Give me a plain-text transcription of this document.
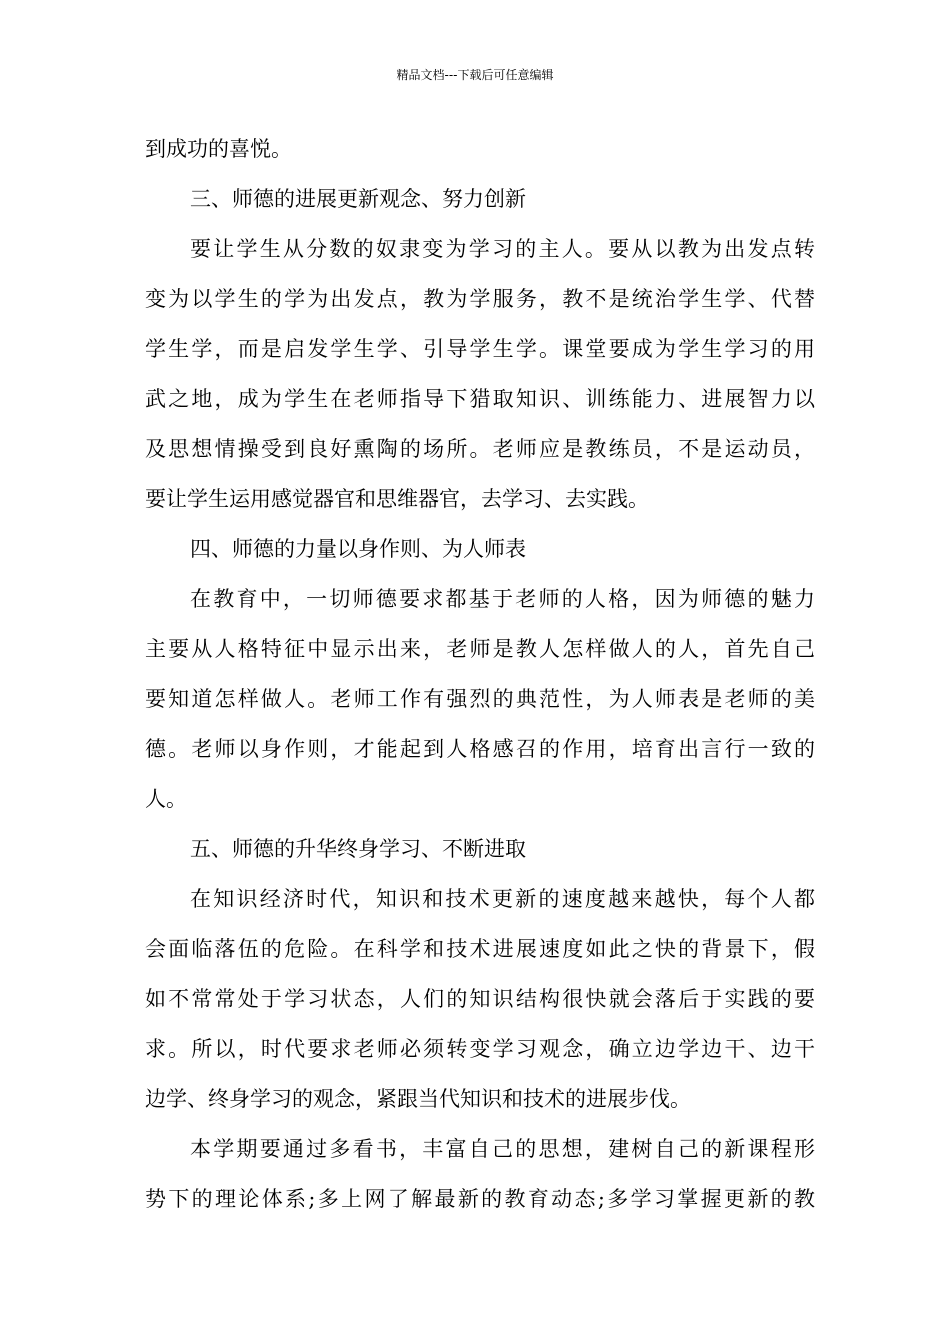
精品文档---下载后可任意编辑
到成功的喜悦。
三、师德的进展更新观念、努力创新
要让学生从分数的奴隶变为学习的主人。要从以教为出发点转
变为以学生的学为出发点，教为学服务，教不是统治学生学、代替
学生学，而是启发学生学、引导学生学。课堂要成为学生学习的用
武之地，成为学生在老师指导下猎取知识、训练能力、进展智力以
及思想情操受到良好熏陶的场所。老师应是教练员，不是运动员，
要让学生运用感觉器官和思维器官，去学习、去实践。
四、师德的力量以身作则、为人师表
在教育中，一切师德要求都基于老师的人格，因为师德的魅力
主要从人格特征中显示出来，老师是教人怎样做人的人，首先自己
要知道怎样做人。老师工作有强烈的典范性，为人师表是老师的美
德。老师以身作则，才能起到人格感召的作用，培育出言行一致的
人。
五、师德的升华终身学习、不断进取
在知识经济时代，知识和技术更新的速度越来越快，每个人都
会面临落伍的危险。在科学和技术进展速度如此之快的背景下，假
如不常常处于学习状态，人们的知识结构很快就会落后于实践的要
求。所以，时代要求老师必须转变学习观念，确立边学边干、边干
边学、终身学习的观念，紧跟当代知识和技术的进展步伐。
本学期要通过多看书，丰富自己的思想，建树自己的新课程形
势下的理论体系;多上网了解最新的教育动态;多学习掌握更新的教
